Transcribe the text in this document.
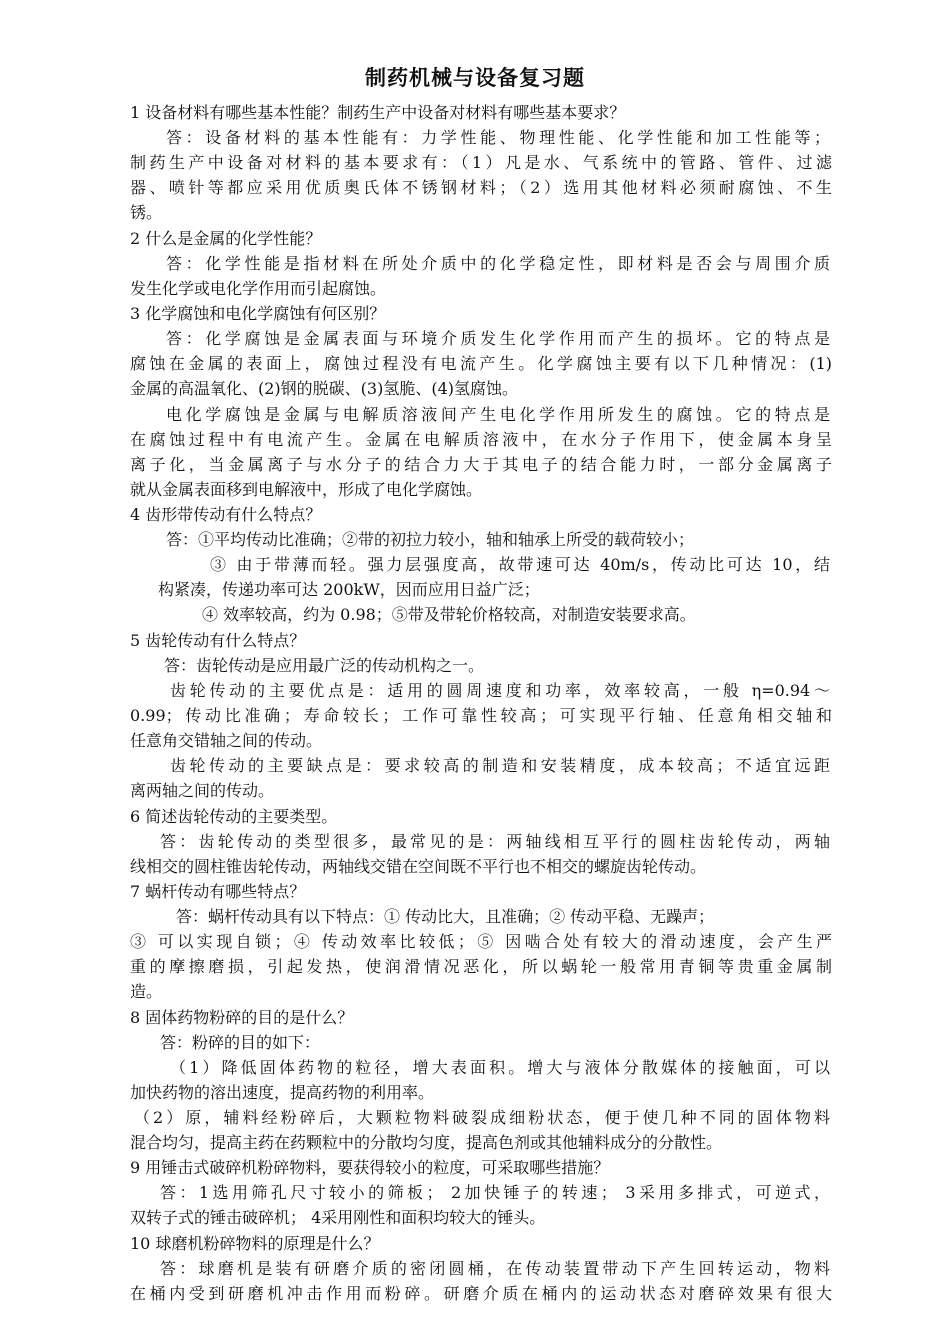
制药机械与设备复习题
1 设备材料有哪些基本性能？制药生产中设备对材料有哪些基本要求？
答：设备材料的基本性能有：力学性能、物理性能、化学性能和加工性能等；
制药生产中设备对材料的基本要求有：（1）凡是水、气系统中的管路、管件、过滤
器、喷针等都应采用优质奥氏体不锈钢材料；（2）选用其他材料必须耐腐蚀、不生
锈。
2 什么是金属的化学性能？
答：化学性能是指材料在所处介质中的化学稳定性，即材料是否会与周围介质
发生化学或电化学作用而引起腐蚀。
3 化学腐蚀和电化学腐蚀有何区别？
答：化学腐蚀是金属表面与环境介质发生化学作用而产生的损坏。它的特点是
腐蚀在金属的表面上，腐蚀过程没有电流产生。化学腐蚀主要有以下几种情况：(1)
金属的高温氧化、(2)钢的脱碳、(3)氢脆、(4)氢腐蚀。
电化学腐蚀是金属与电解质溶液间产生电化学作用所发生的腐蚀。它的特点是
在腐蚀过程中有电流产生。金属在电解质溶液中，在水分子作用下，使金属本身呈
离子化，当金属离子与水分子的结合力大于其电子的结合能力时，一部分金属离子
就从金属表面移到电解液中，形成了电化学腐蚀。
4 齿形带传动有什么特点？
答：①平均传动比准确；②带的初拉力较小，轴和轴承上所受的载荷较小；
③ 由于带薄而轻。强力层强度高，故带速可达 40m/s，传动比可达 10，结
构紧凑，传递功率可达 200kW，因而应用日益广泛；
④ 效率较高，约为 0.98；⑤带及带轮价格较高，对制造安装要求高。
5 齿轮传动有什么特点？
答：齿轮传动是应用最广泛的传动机构之一。
齿轮传动的主要优点是：适用的圆周速度和功率，效率较高，一般 η=0.94～
0.99；传动比准确；寿命较长；工作可靠性较高；可实现平行轴、任意角相交轴和
任意角交错轴之间的传动。
齿轮传动的主要缺点是：要求较高的制造和安装精度，成本较高；不适宜远距
离两轴之间的传动。
6 简述齿轮传动的主要类型。
答：齿轮传动的类型很多，最常见的是：两轴线相互平行的圆柱齿轮传动，两轴
线相交的圆柱锥齿轮传动，两轴线交错在空间既不平行也不相交的螺旋齿轮传动。
7 蜗杆传动有哪些特点？
答：蜗杆传动具有以下特点：① 传动比大，且准确；② 传动平稳、无躁声；
③ 可以实现自锁；④ 传动效率比较低；⑤ 因啮合处有较大的滑动速度，会产生严
重的摩擦磨损，引起发热，使润滑情况恶化，所以蜗轮一般常用青铜等贵重金属制
造。
8 固体药物粉碎的目的是什么？
答：粉碎的目的如下：
（1）降低固体药物的粒径，增大表面积。增大与液体分散媒体的接触面，可以
加快药物的溶出速度，提高药物的利用率。
（2）原，辅料经粉碎后，大颗粒物料破裂成细粉状态，便于使几种不同的固体物料
混合均匀，提高主药在药颗粒中的分散均匀度，提高色剂或其他辅料成分的分散性。
9 用锤击式破碎机粉碎物料，要获得较小的粒度，可采取哪些措施？
答：1选用筛孔尺寸较小的筛板； 2加快锤子的转速； 3采用多排式，可逆式，
双转子式的锤击破碎机； 4采用刚性和面积均较大的锤头。
10 球磨机粉碎物料的原理是什么？
答：球磨机是装有研磨介质的密闭圆桶，在传动装置带动下产生回转运动，物料
在桶内受到研磨机冲击作用而粉碎。研磨介质在桶内的运动状态对磨碎效果有很大
